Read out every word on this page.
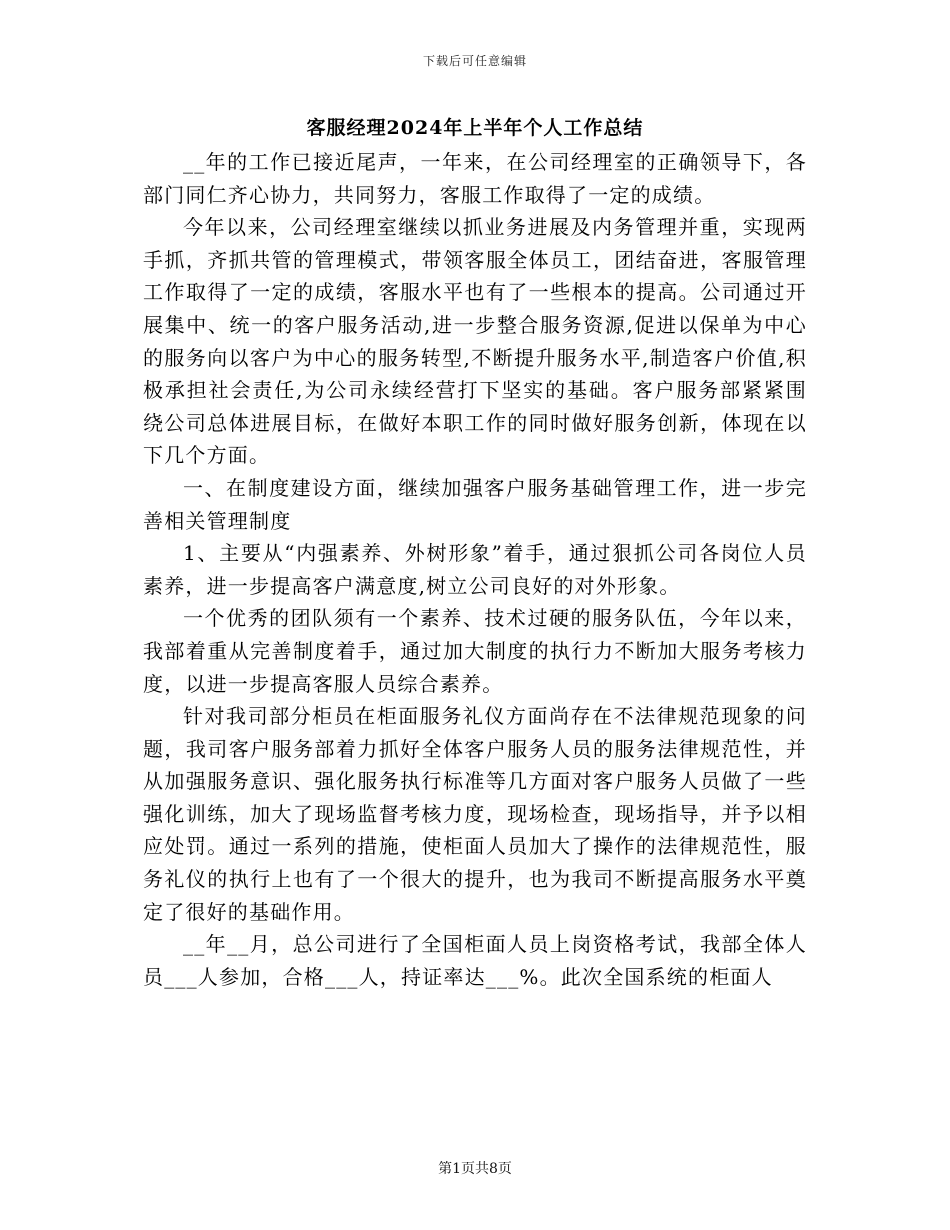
下载后可任意编辑
客服经理2024年上半年个人工作总结

__年的工作已接近尾声，一年来，在公司经理室的正确领导下，各部门同仁齐心协力，共同努力，客服工作取得了一定的成绩。

今年以来，公司经理室继续以抓业务进展及内务管理并重，实现两手抓，齐抓共管的管理模式，带领客服全体员工，团结奋进，客服管理工作取得了一定的成绩，客服水平也有了一些根本的提高。公司通过开展集中、统一的客户服务活动,进一步整合服务资源,促进以保单为中心的服务向以客户为中心的服务转型,不断提升服务水平,制造客户价值,积极承担社会责任,为公司永续经营打下坚实的基础。客户服务部紧紧围绕公司总体进展目标，在做好本职工作的同时做好服务创新，体现在以下几个方面。

一、在制度建设方面，继续加强客户服务基础管理工作，进一步完善相关管理制度

1、主要从“内强素养、外树形象”着手，通过狠抓公司各岗位人员素养，进一步提高客户满意度,树立公司良好的对外形象。

一个优秀的团队须有一个素养、技术过硬的服务队伍，今年以来，我部着重从完善制度着手，通过加大制度的执行力不断加大服务考核力度，以进一步提高客服人员综合素养。

针对我司部分柜员在柜面服务礼仪方面尚存在不法律规范现象的问题，我司客户服务部着力抓好全体客户服务人员的服务法律规范性，并从加强服务意识、强化服务执行标准等几方面对客户服务人员做了一些强化训练，加大了现场监督考核力度，现场检查，现场指导，并予以相应处罚。通过一系列的措施，使柜面人员加大了操作的法律规范性，服务礼仪的执行上也有了一个很大的提升，也为我司不断提高服务水平奠定了很好的基础作用。

__年__月，总公司进行了全国柜面人员上岗资格考试，我部全体人员___人参加，合格___人，持证率达___%。此次全国系统的柜面人

第1页共8页
